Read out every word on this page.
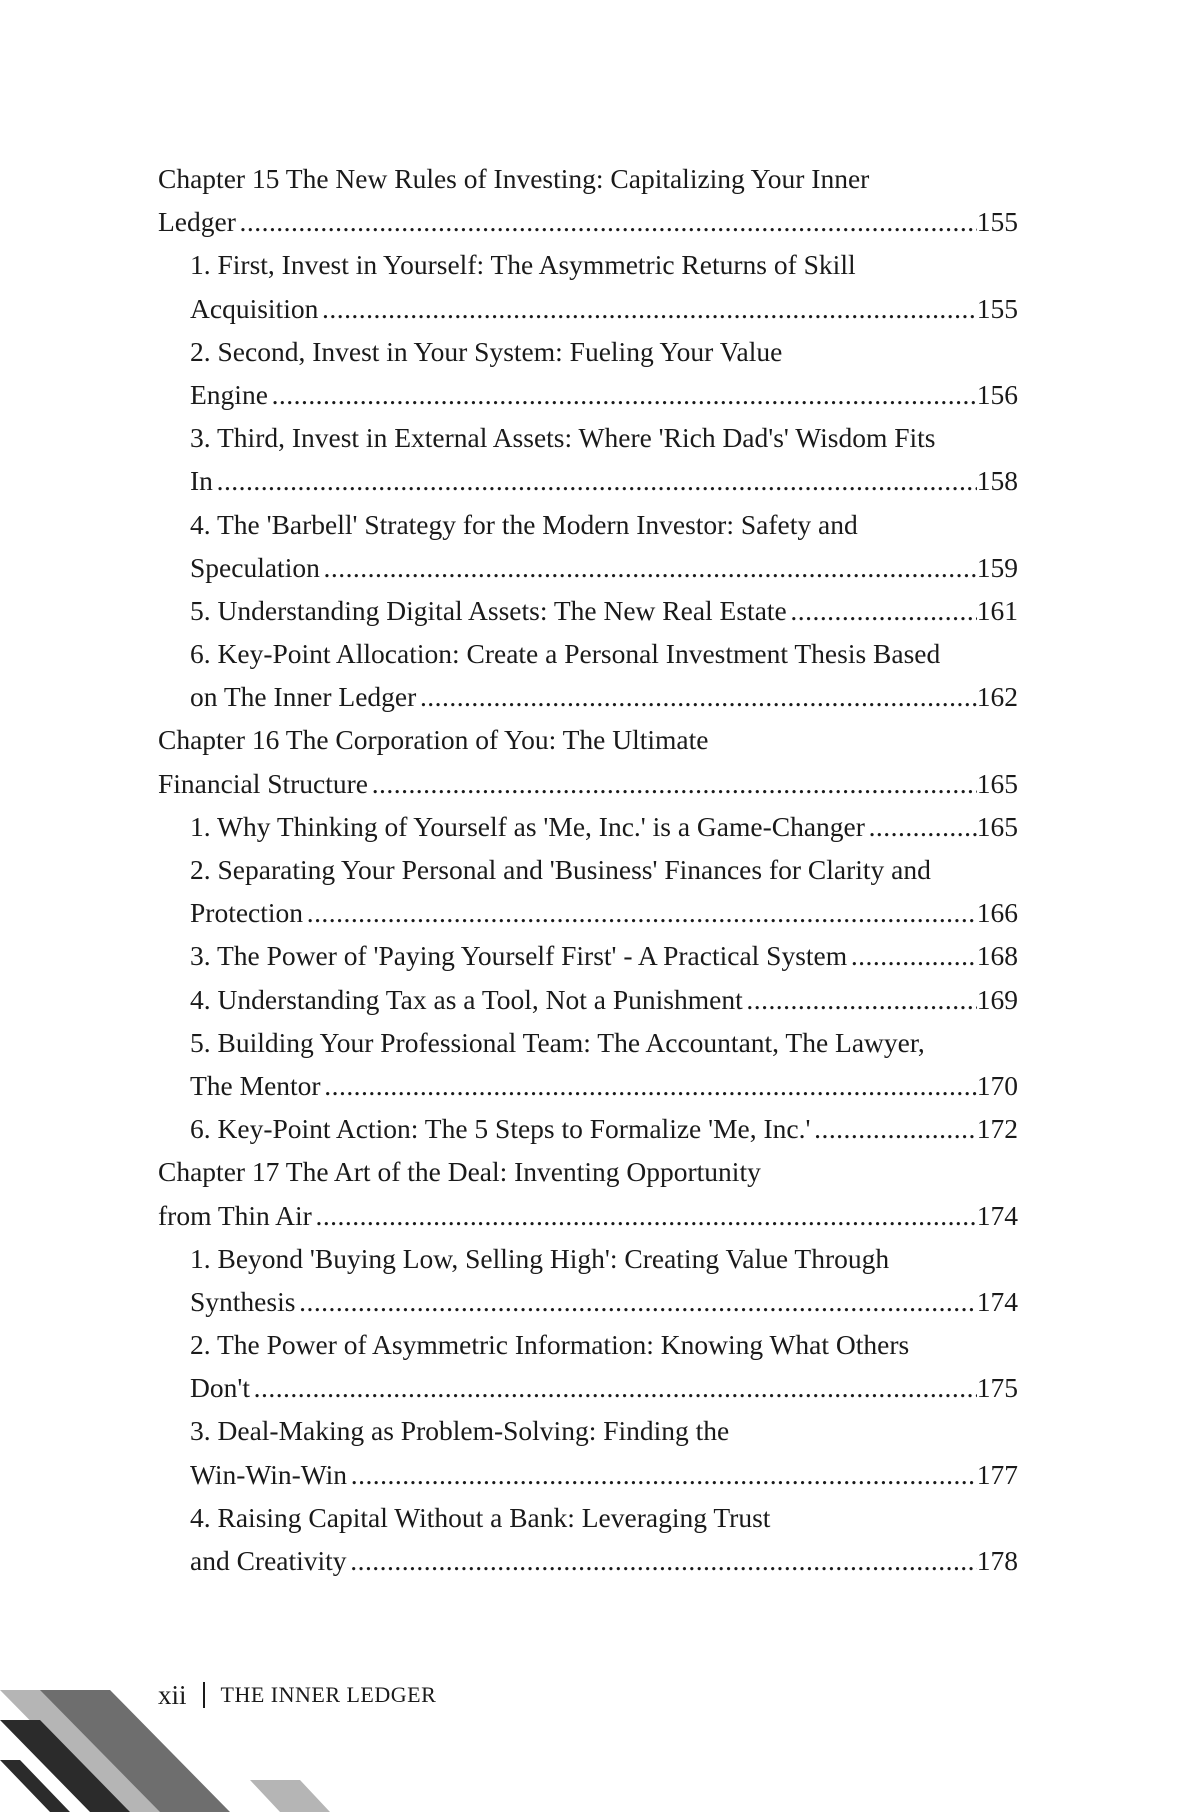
Chapter 15 The New Rules of Investing: Capitalizing Your Inner
Ledger . . .	155
1. First, Invest in Yourself: The Asymmetric Returns of Skill
Acquisition . . .	155
2. Second, Invest in Your System: Fueling Your Value
Engine . . .	156
3. Third, Invest in External Assets: Where 'Rich Dad's' Wisdom Fits
In . . .	158
4. The 'Barbell' Strategy for the Modern Investor: Safety and
Speculation . . .	159
5. Understanding Digital Assets: The New Real Estate . . .	161
6. Key-Point Allocation: Create a Personal Investment Thesis Based
on The Inner Ledger . . .	162
Chapter 16 The Corporation of You: The Ultimate
Financial Structure . . .	165
1. Why Thinking of Yourself as 'Me, Inc.' is a Game-Changer . . .	165
2. Separating Your Personal and 'Business' Finances for Clarity and
Protection . . .	166
3. The Power of 'Paying Yourself First' - A Practical System . . .	168
4. Understanding Tax as a Tool, Not a Punishment . . .	169
5. Building Your Professional Team: The Accountant, The Lawyer,
The Mentor . . .	170
6. Key-Point Action: The 5 Steps to Formalize 'Me, Inc.' . . .	172
Chapter 17 The Art of the Deal: Inventing Opportunity
from Thin Air . . .	174
1. Beyond 'Buying Low, Selling High': Creating Value Through
Synthesis . . .	174
2. The Power of Asymmetric Information: Knowing What Others
Don't . . .	175
3. Deal-Making as Problem-Solving: Finding the
Win-Win-Win . . .	177
4. Raising Capital Without a Bank: Leveraging Trust
and Creativity . . .	178
xii THE INNER LEDGER
